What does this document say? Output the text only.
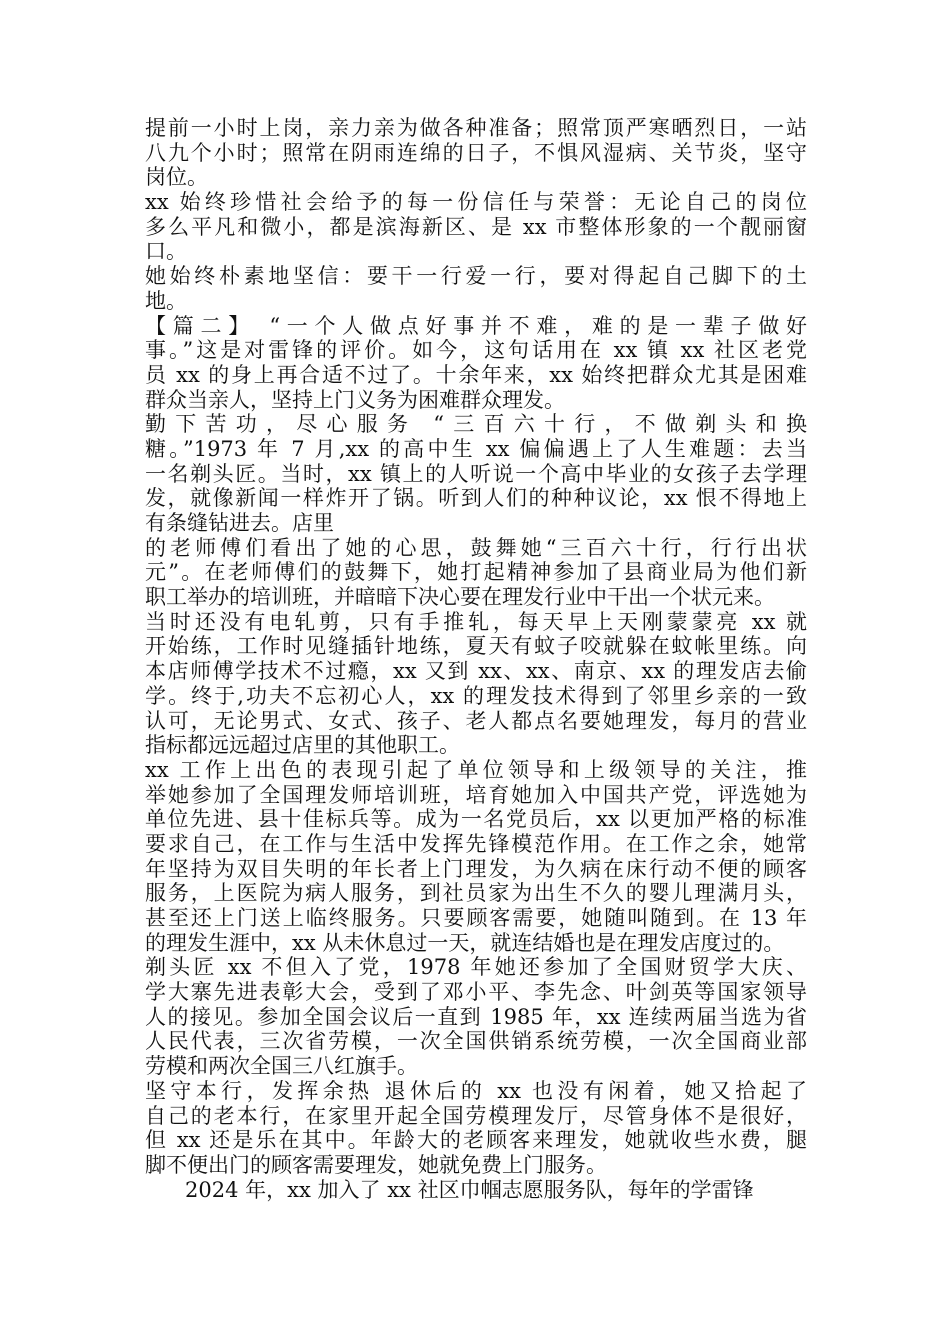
提前一小时上岗，亲力亲为做各种准备；照常顶严寒晒烈日，一站
八九个小时；照常在阴雨连绵的日子，不惧风湿病、关节炎，坚守
岗位。
xx 始终珍惜社会给予的每一份信任与荣誉：无论自己的岗位
多么平凡和微小，都是滨海新区、是 xx 市整体形象的一个靓丽窗
口。
她始终朴素地坚信：要干一行爱一行，要对得起自己脚下的土
地。
【篇二】 “一个人做点好事并不难，难的是一辈子做好
事。”这是对雷锋的评价。如今，这句话用在 xx 镇 xx 社区老党
员 xx 的身上再合适不过了。十余年来，xx 始终把群众尤其是困难
群众当亲人，坚持上门义务为困难群众理发。
勤下苦功，尽心服务 “三百六十行，不做剃头和换
糖。”1973 年 7 月,xx 的高中生 xx 偏偏遇上了人生难题：去当
一名剃头匠。当时，xx 镇上的人听说一个高中毕业的女孩子去学理
发，就像新闻一样炸开了锅。听到人们的种种议论，xx 恨不得地上
有条缝钻进去。店里
的老师傅们看出了她的心思，鼓舞她“三百六十行，行行出状
元”。在老师傅们的鼓舞下，她打起精神参加了县商业局为他们新
职工举办的培训班，并暗暗下决心要在理发行业中干出一个状元来。
当时还没有电轧剪，只有手推轧，每天早上天刚蒙蒙亮 xx 就
开始练，工作时见缝插针地练，夏天有蚊子咬就躲在蚊帐里练。向
本店师傅学技术不过瘾，xx 又到 xx、xx、南京、xx 的理发店去偷
学。终于,功夫不忘初心人，xx 的理发技术得到了邻里乡亲的一致
认可，无论男式、女式、孩子、老人都点名要她理发，每月的营业
指标都远远超过店里的其他职工。
xx 工作上出色的表现引起了单位领导和上级领导的关注，推
举她参加了全国理发师培训班，培育她加入中国共产党，评选她为
单位先进、县十佳标兵等。成为一名党员后，xx 以更加严格的标准
要求自己，在工作与生活中发挥先锋模范作用。在工作之余，她常
年坚持为双目失明的年长者上门理发，为久病在床行动不便的顾客
服务，上医院为病人服务，到社员家为出生不久的婴儿理满月头，
甚至还上门送上临终服务。只要顾客需要，她随叫随到。在 13 年
的理发生涯中，xx 从未休息过一天，就连结婚也是在理发店度过的。
剃头匠 xx 不但入了党，1978 年她还参加了全国财贸学大庆、
学大寨先进表彰大会，受到了邓小平、李先念、叶剑英等国家领导
人的接见。参加全国会议后一直到 1985 年，xx 连续两届当选为省
人民代表，三次省劳模，一次全国供销系统劳模，一次全国商业部
劳模和两次全国三八红旗手。
坚守本行，发挥余热 退休后的 xx 也没有闲着，她又拾起了
自己的老本行，在家里开起全国劳模理发厅，尽管身体不是很好，
但 xx 还是乐在其中。年龄大的老顾客来理发，她就收些水费，腿
脚不便出门的顾客需要理发，她就免费上门服务。
2024 年，xx 加入了 xx 社区巾帼志愿服务队，每年的学雷锋
